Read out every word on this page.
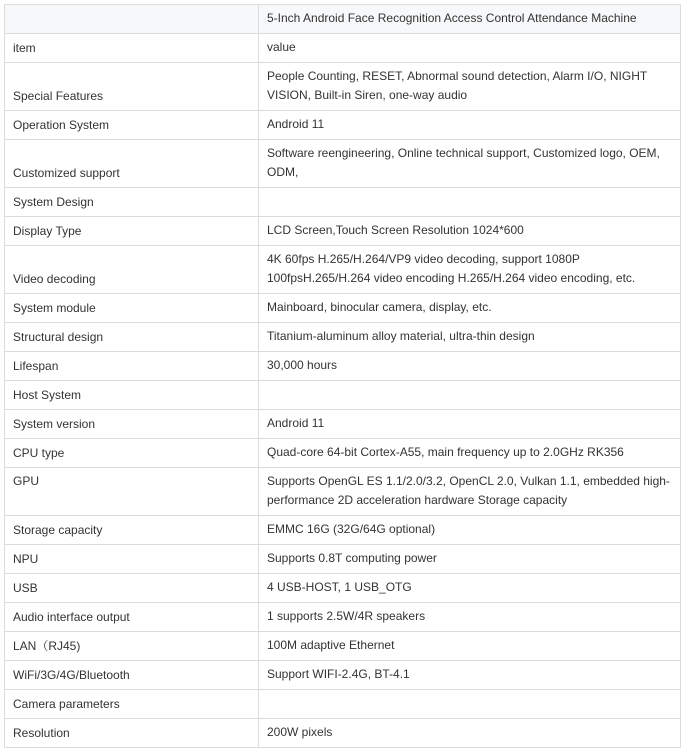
	5-Inch Android Face Recognition Access Control Attendance Machine
item	value
Special Features	People Counting, RESET, Abnormal sound detection, Alarm I/O, NIGHT VISION, Built-in Siren, one-way audio
Operation System	Android 11
Customized support	Software reengineering, Online technical support, Customized logo, OEM, ODM,
System Design	
Display Type	LCD Screen,Touch Screen Resolution 1024*600
Video decoding	4K 60fps H.265/H.264/VP9 video decoding, support 1080P 100fpsH.265/H.264 video encoding H.265/H.264 video encoding, etc.
System module	Mainboard, binocular camera, display, etc.
Structural design	Titanium-aluminum alloy material, ultra-thin design
Lifespan	30,000 hours
Host System	
System version	Android 11
CPU type	Quad-core 64-bit Cortex-A55, main frequency up to 2.0GHz RK356
GPU	Supports OpenGL ES 1.1/2.0/3.2, OpenCL 2.0, Vulkan 1.1, embedded high-performance 2D acceleration hardware Storage capacity
Storage capacity	EMMC 16G (32G/64G optional)
NPU	Supports 0.8T computing power
USB	4 USB-HOST, 1 USB_OTG
Audio interface output	1 supports 2.5W/4R speakers
LAN（RJ45)	100M adaptive Ethernet
WiFi/3G/4G/Bluetooth	Support WIFI-2.4G, BT-4.1
Camera parameters	
Resolution	200W pixels
